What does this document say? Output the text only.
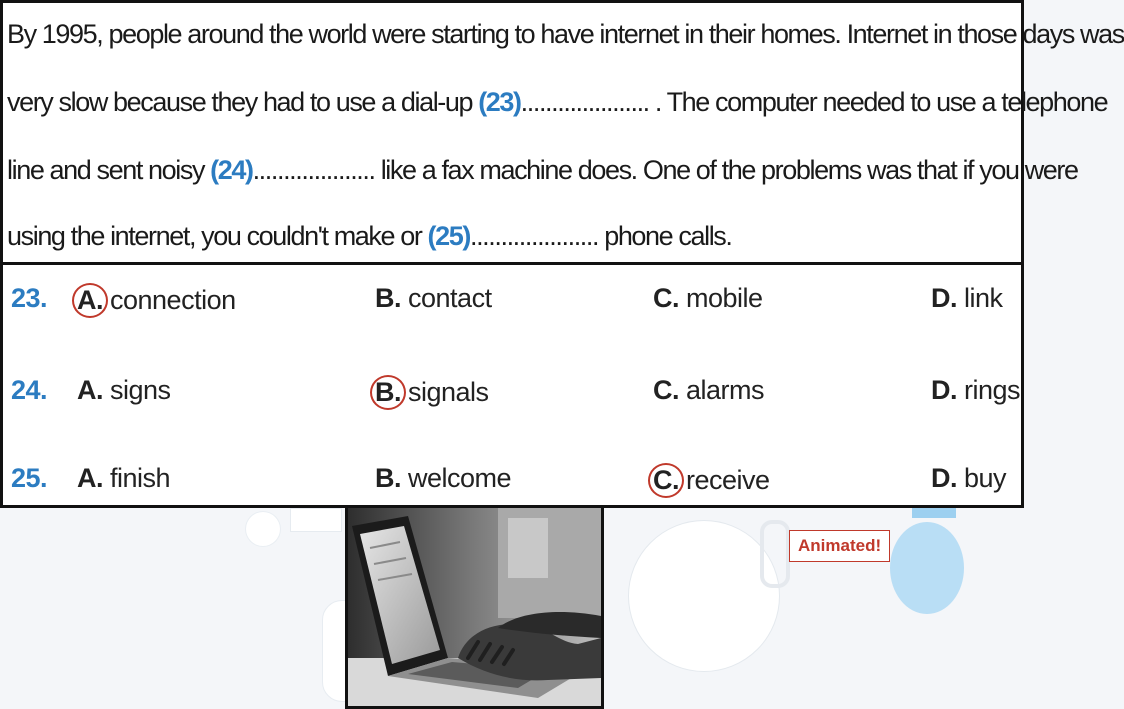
By 1995, people around the world were starting to have internet in their homes. Internet in those days was
very slow because they had to use a dial-up (23)..................... . The computer needed to use a telephone
line and sent noisy (24).................... like a fax machine does. One of the problems was that if you were
using the internet, you couldn't make or (25)..................... phone calls.
23. A. connection	B. contact	C. mobile	D. link
24. A. signs	B. signals	C. alarms	D. rings
25. A. finish	B. welcome	C. receive	D. buy
Animated!
